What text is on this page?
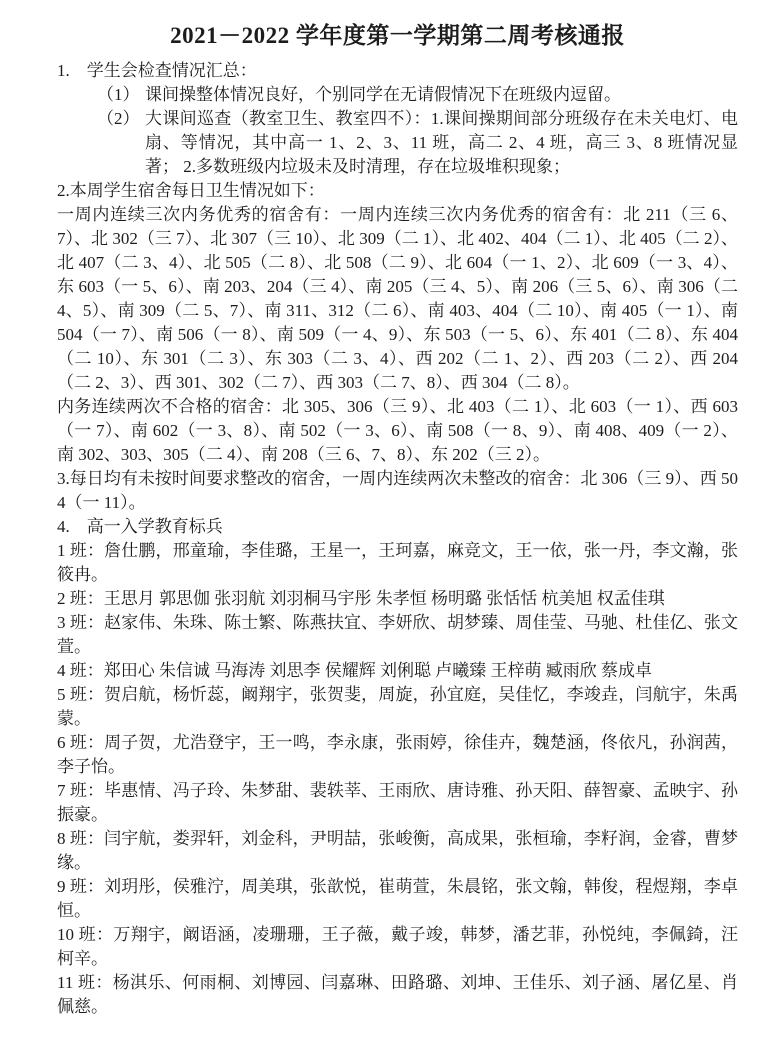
2021－2022 学年度第一学期第二周考核通报

1.　学生会检查情况汇总：

（1） 课间操整体情况良好，个别同学在无请假情况下在班级内逗留。
（2） 大课间巡查（教室卫生、教室四不）：1.课间操期间部分班级存在未关电灯、电扇、等情况，其中高一 1、2、3、11 班，高二 2、4 班，高三 3、8 班情况显著； 2.多数班级内垃圾未及时清理，存在垃圾堆积现象；

2.本周学生宿舍每日卫生情况如下：

一周内连续三次内务优秀的宿舍有：一周内连续三次内务优秀的宿舍有：北 211（三 6、7）、北 302（三 7）、北 307（三 10）、北 309（二 1）、北 402、404（二 1）、北 405（二 2）、北 407（二 3、4）、北 505（二 8）、北 508（二 9）、北 604（一 1、2）、北 609（一 3、4）、东 603（一 5、6）、南 203、204（三 4）、南 205（三 4、5）、南 206（三 5、6）、南 306（二 4、5）、南 309（二 5、7）、南 311、312（二 6）、南 403、404（二 10）、南 405（一 1）、南 504（一 7）、南 506（一 8）、南 509（一 4、9）、东 503（一 5、6）、东 401（二 8）、东 404（二 10）、东 301（二 3）、东 303（二 3、4）、西 202（二 1、2）、西 203（二 2）、西 204（二 2、3）、西 301、302（二 7）、西 303（二 7、8）、西 304（二 8）。

内务连续两次不合格的宿舍：北 305、306（三 9）、北 403（二 1）、北 603（一 1）、西 603（一 7）、南 602（一 3、8）、南 502（一 3、6）、南 508（一 8、9）、南 408、409（一 2）、南 302、303、305（二 4）、南 208（三 6、7、8）、东 202（三 2）。

3.每日均有未按时间要求整改的宿舍，一周内连续两次未整改的宿舍：北 306（三 9）、西 504（一 11）。

4.　高一入学教育标兵

1 班：詹仕鹏，邢童瑜，李佳璐，王星一，王珂嘉，麻竞文，王一依，张一丹，李文瀚，张筱冉。

2 班：王思月 郭思伽 张羽航 刘羽桐马宇彤 朱孝恒 杨明璐 张恬恬 杭美旭 权孟佳琪

3 班：赵家伟、朱珠、陈士繁、陈燕扶宜、李妍欣、胡梦臻、周佳莹、马驰、杜佳亿、张文萱。

4 班：郑田心 朱信诚 马海涛 刘思李 侯耀辉 刘俐聪 卢曦臻 王梓萌 臧雨欣 蔡成卓

5 班：贺启航，杨忻蕊，阚翔宇，张贺斐，周旋，孙宜庭，吴佳忆，李竣垚，闫航宇，朱禹蒙。

6 班：周子贺，尤浩登宇，王一鸣，李永康，张雨婷，徐佳卉，魏楚涵，佟依凡，孙润茜，李子怡。

7 班：毕惠情、冯子玲、朱梦甜、裴轶莘、王雨欣、唐诗雅、孙天阳、薛智豪、孟映宇、孙振豪。

8 班：闫宇航，娄羿轩，刘金科，尹明喆，张峻衡，高成果，张桓瑜，李籽润，金睿，曹梦缘。

9 班：刘玥彤，侯雅泞，周美琪，张歆悦，崔萌萱，朱晨铭，张文翰，韩俊，程煜翔，李卓恒。

10 班：万翔宇，阚语涵，凌珊珊，王子薇，戴子竣，韩梦，潘艺菲，孙悦纯，李佩錡，汪柯辛。

11 班：杨淇乐、何雨桐、刘博园、闫嘉琳、田路璐、刘坤、王佳乐、刘子涵、屠亿星、肖佩慈。
